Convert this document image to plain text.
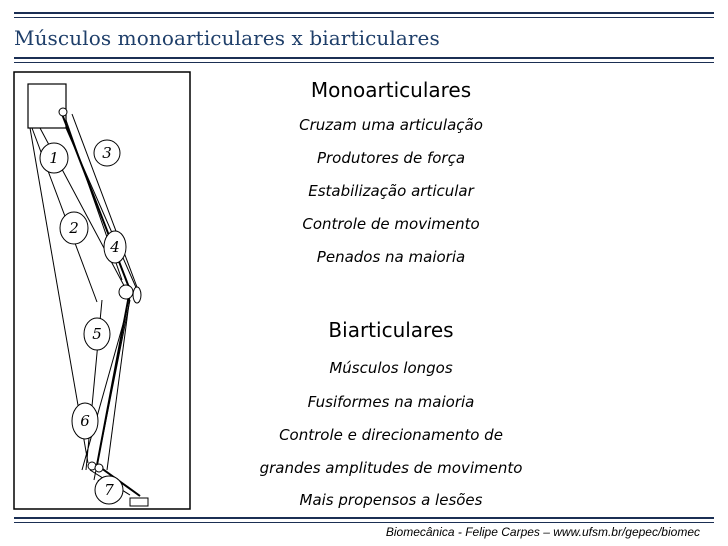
Músculos monoarticulares x biarticulares
1	3
2
4
5
6
7
Monoarticulares
Cruzam uma articulação
Produtores de força
Estabilização articular
Controle de movimento
Penados na maioria
Biarticulares
Músculos longos
Fusiformes na maioria
Controle e direcionamento de
grandes amplitudes de movimento
Mais propensos a lesões
Biomecânica - Felipe Carpes – www.ufsm.br/gepec/biomec
